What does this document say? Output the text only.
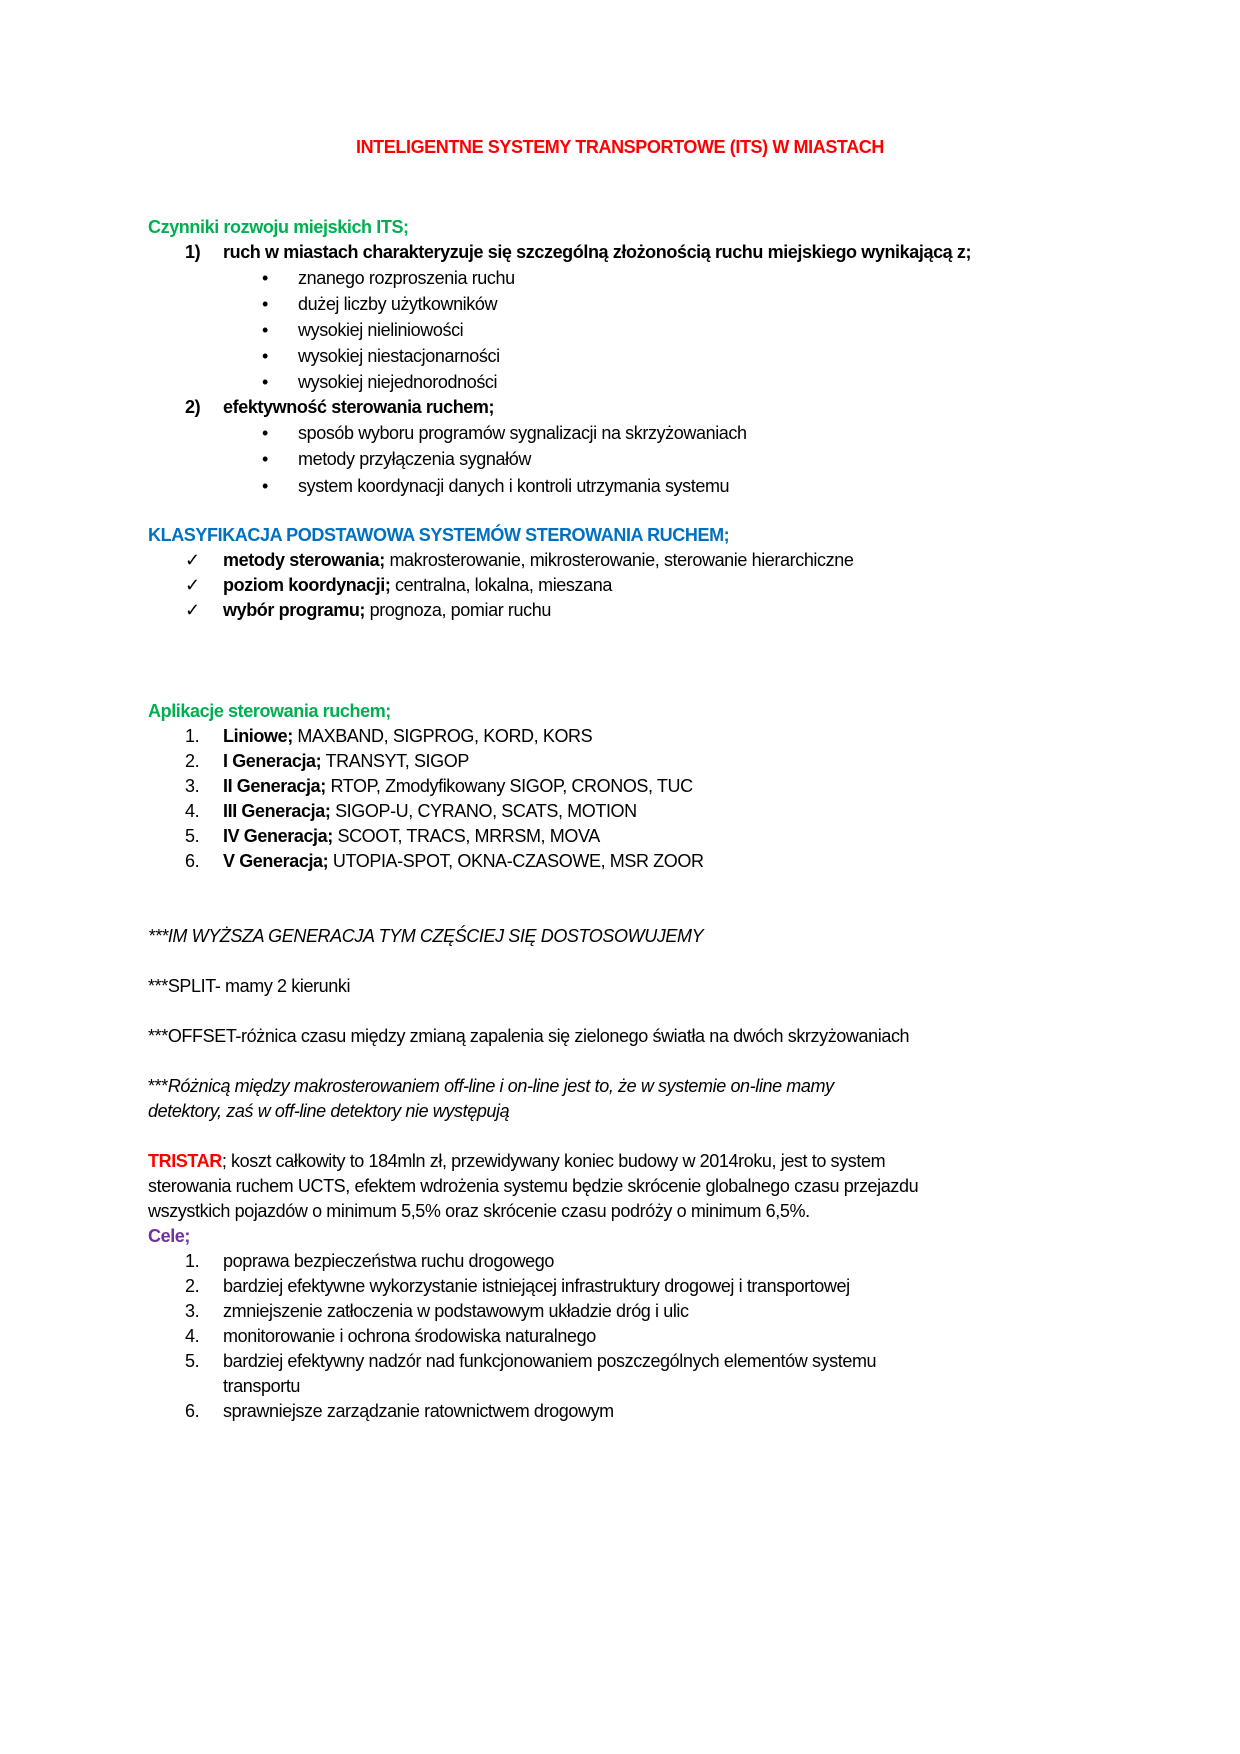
INTELIGENTNE SYSTEMY TRANSPORTOWE (ITS) W MIASTACH
Czynniki rozwoju miejskich ITS;
1) ruch w miastach charakteryzuje się szczególną złożonością ruchu miejskiego wynikającą z;
• znanego rozproszenia ruchu
• dużej liczby użytkowników
• wysokiej nieliniowości
• wysokiej niestacjonarności
• wysokiej niejednorodności
2) efektywność sterowania ruchem;
• sposób wyboru programów sygnalizacji na skrzyżowaniach
• metody przyłączenia sygnałów
• system koordynacji danych i kontroli utrzymania systemu
KLASYFIKACJA PODSTAWOWA SYSTEMÓW STEROWANIA RUCHEM;
✓ metody sterowania; makrosterowanie, mikrosterowanie, sterowanie hierarchiczne
✓ poziom koordynacji; centralna, lokalna, mieszana
✓ wybór programu; prognoza, pomiar ruchu
Aplikacje sterowania ruchem;
1. Liniowe; MAXBAND, SIGPROG, KORD, KORS
2. I Generacja; TRANSYT, SIGOP
3. II Generacja; RTOP, Zmodyfikowany SIGOP, CRONOS, TUC
4. III Generacja; SIGOP-U, CYRANO, SCATS, MOTION
5. IV Generacja; SCOOT, TRACS, MRRSM, MOVA
6. V Generacja; UTOPIA-SPOT, OKNA-CZASOWE, MSR ZOOR
***IM WYŻSZA GENERACJA TYM CZĘŚCIEJ SIĘ DOSTOSOWUJEMY
***SPLIT- mamy 2 kierunki
***OFFSET-różnica czasu między zmianą zapalenia się zielonego światła na dwóch skrzyżowaniach
***Różnicą między makrosterowaniem off-line i on-line jest to, że w systemie on-line mamy
detektory, zaś w off-line detektory nie występują
TRISTAR; koszt całkowity to 184mln zł, przewidywany koniec budowy w 2014roku, jest to system
sterowania ruchem UCTS, efektem wdrożenia systemu będzie skrócenie globalnego czasu przejazdu
wszystkich pojazdów o minimum 5,5% oraz skrócenie czasu podróży o minimum 6,5%.
Cele;
1. poprawa bezpieczeństwa ruchu drogowego
2. bardziej efektywne wykorzystanie istniejącej infrastruktury drogowej i transportowej
3. zmniejszenie zatłoczenia w podstawowym układzie dróg i ulic
4. monitorowanie i ochrona środowiska naturalnego
5. bardziej efektywny nadzór nad funkcjonowaniem poszczególnych elementów systemu
transportu
6. sprawniejsze zarządzanie ratownictwem drogowym
